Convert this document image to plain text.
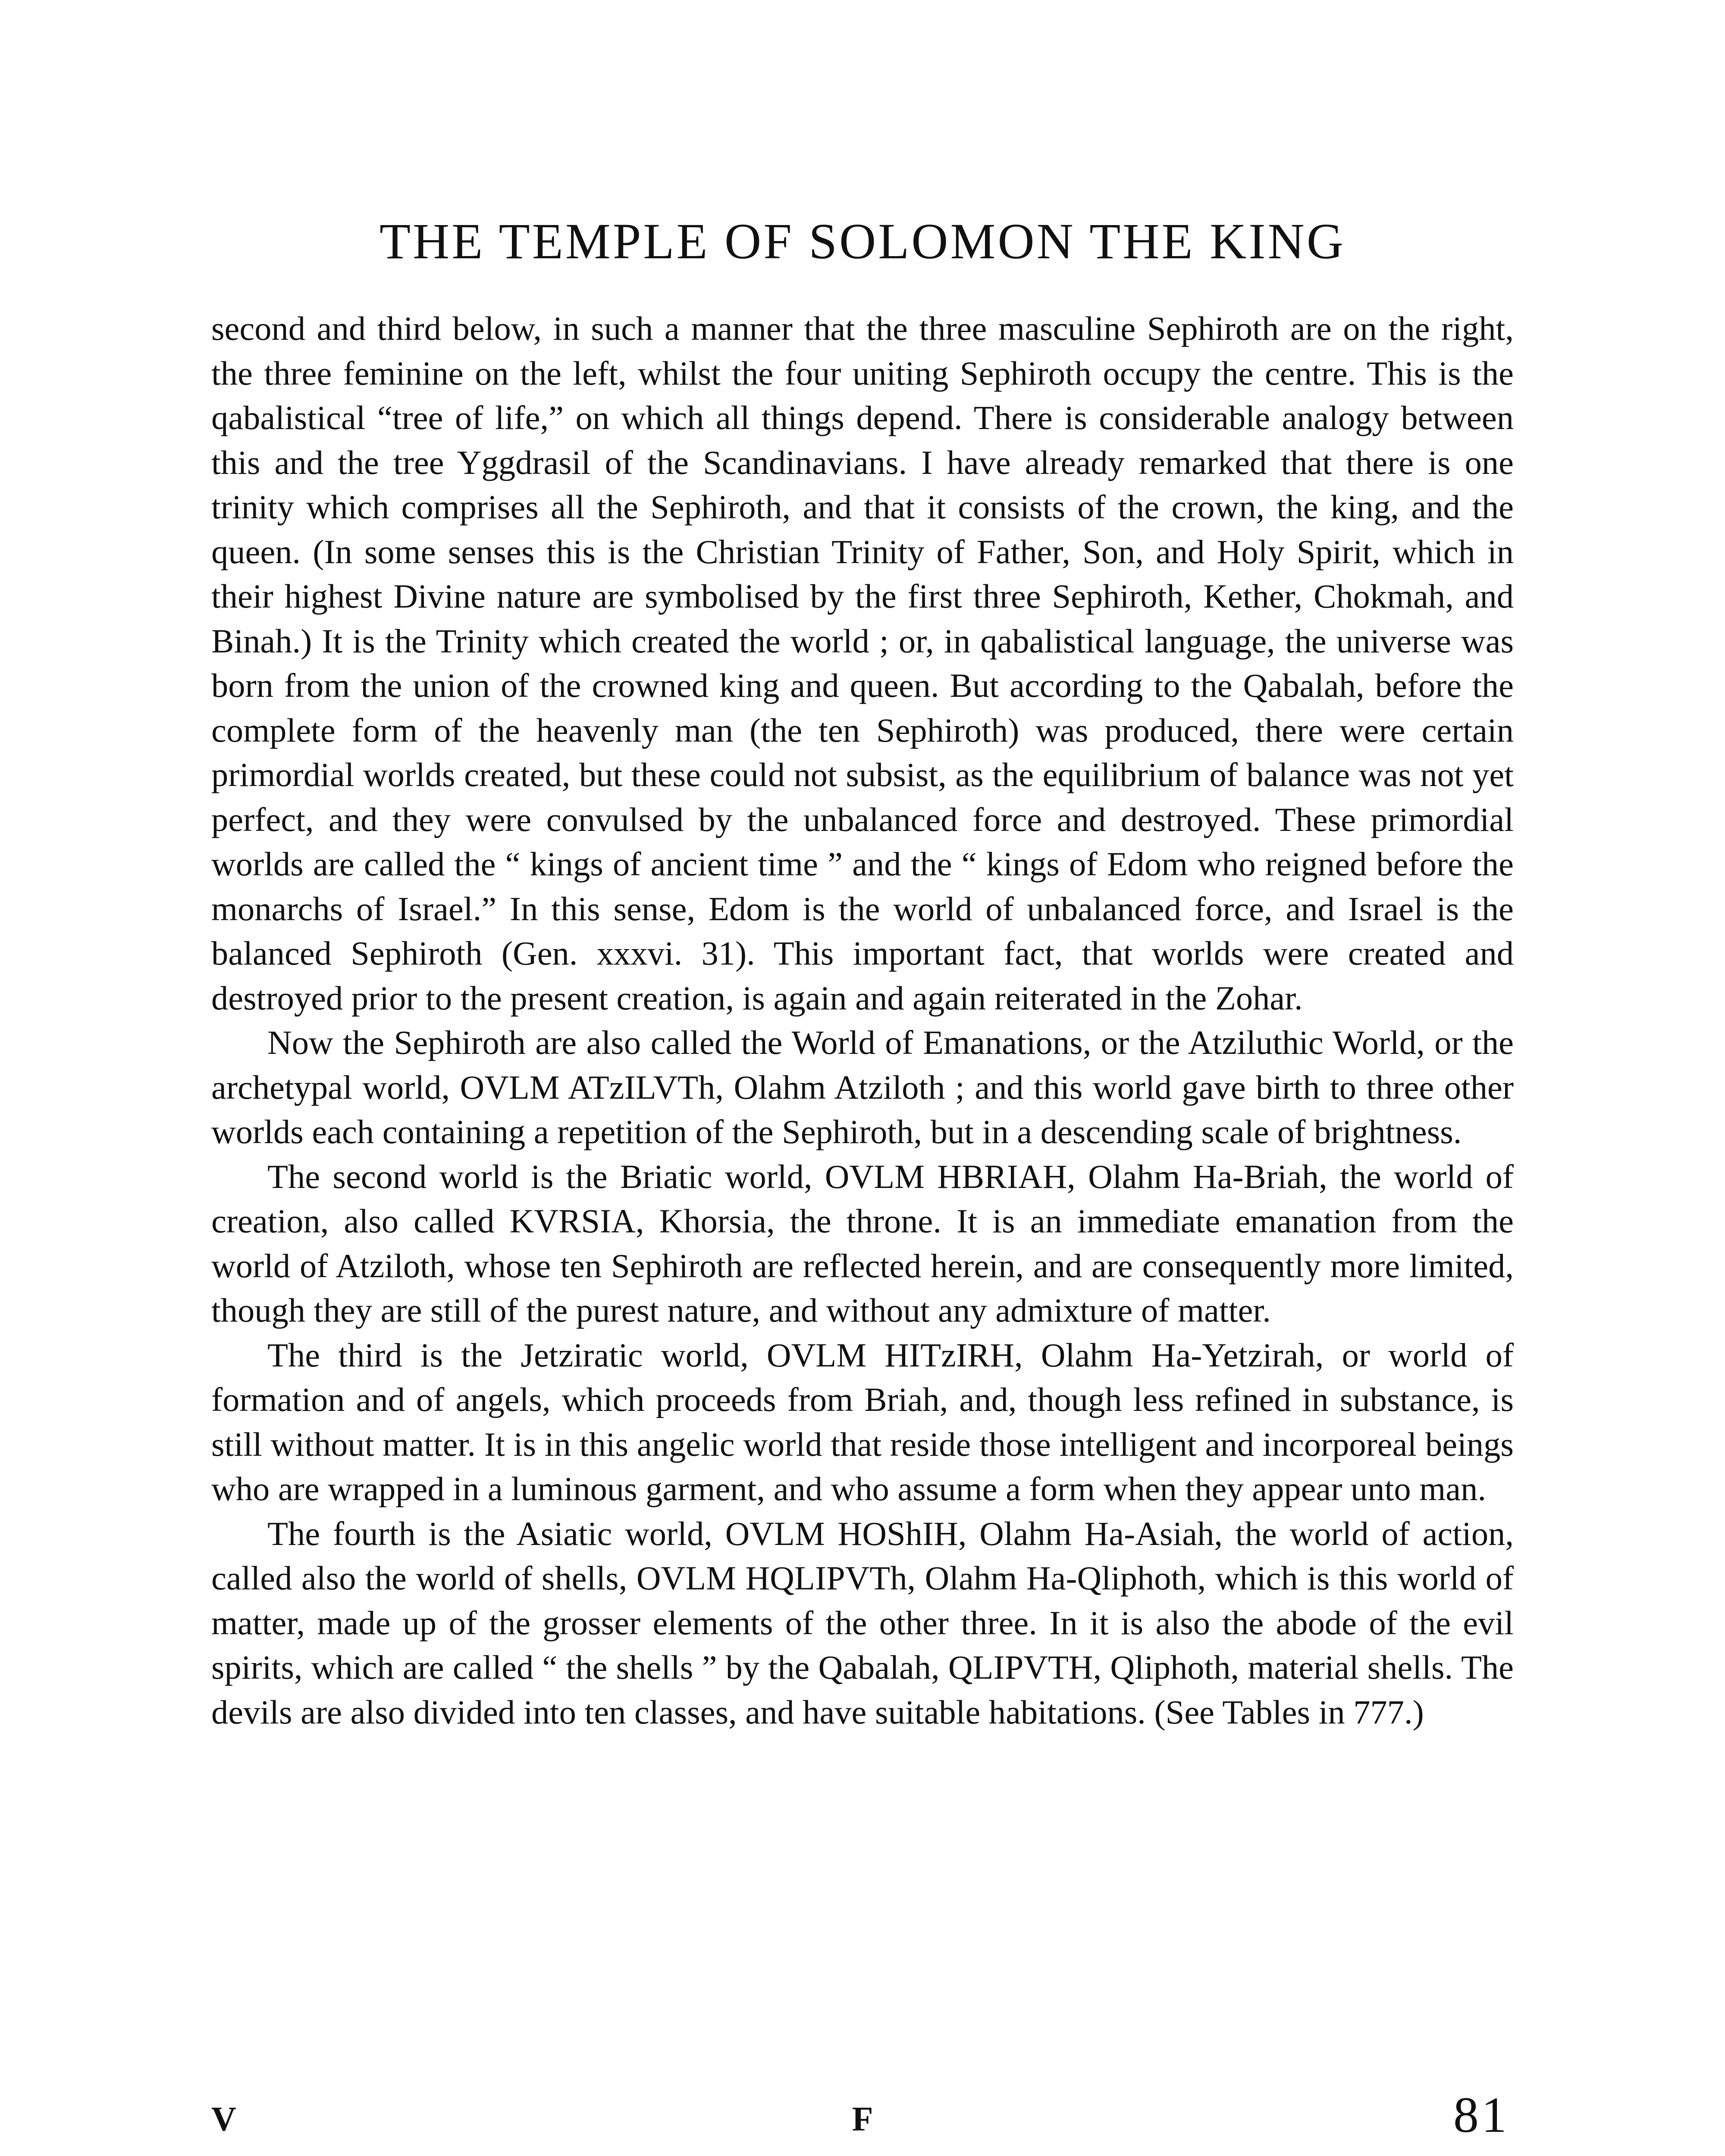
THE TEMPLE OF SOLOMON THE KING

second and third below, in such a manner that the three masculine Sephiroth are on the right, the three feminine on the left, whilst the four uniting Sephiroth occupy the centre. This is the qabalistical “tree of life,” on which all things depend. There is considerable analogy between this and the tree Yggdrasil of the Scandinavians. I have already remarked that there is one trinity which comprises all the Sephiroth, and that it consists of the crown, the king, and the queen. (In some senses this is the Christian Trinity of Father, Son, and Holy Spirit, which in their highest Divine nature are symbolised by the first three Sephiroth, Kether, Chokmah, and Binah.) It is the Trinity which created the world ; or, in qabalistical language, the universe was born from the union of the crowned king and queen. But according to the Qabalah, before the complete form of the heavenly man (the ten Sephiroth) was produced, there were certain primordial worlds created, but these could not subsist, as the equilibrium of balance was not yet perfect, and they were convulsed by the unbalanced force and destroyed. These primordial worlds are called the “ kings of ancient time ” and the “ kings of Edom who reigned before the monarchs of Israel.” In this sense, Edom is the world of unbalanced force, and Israel is the balanced Sephiroth (Gen. xxxvi. 31). This important fact, that worlds were created and destroyed prior to the present creation, is again and again reiterated in the Zohar.

Now the Sephiroth are also called the World of Emanations, or the Atziluthic World, or the archetypal world, OVLM ATzILVTh, Olahm Atziloth ; and this world gave birth to three other worlds each containing a repetition of the Sephiroth, but in a descending scale of brightness.

The second world is the Briatic world, OVLM HBRIAH, Olahm Ha-Briah, the world of creation, also called KVRSIA, Khorsia, the throne. It is an immediate emanation from the world of Atziloth, whose ten Sephiroth are reflected herein, and are consequently more limited, though they are still of the purest nature, and without any admixture of matter.

The third is the Jetziratic world, OVLM HITzIRH, Olahm Ha-Yetzirah, or world of formation and of angels, which proceeds from Briah, and, though less refined in substance, is still without matter. It is in this angelic world that reside those intelligent and incorporeal beings who are wrapped in a luminous garment, and who assume a form when they appear unto man.

The fourth is the Asiatic world, OVLM HOShIH, Olahm Ha-Asiah, the world of action, called also the world of shells, OVLM HQLIPVTh, Olahm Ha-Qliphoth, which is this world of matter, made up of the grosser elements of the other three. In it is also the abode of the evil spirits, which are called “ the shells ” by the Qabalah, QLIPVTH, Qliphoth, material shells. The devils are also divided into ten classes, and have suitable habitations. (See Tables in 777.)

V	F	81
